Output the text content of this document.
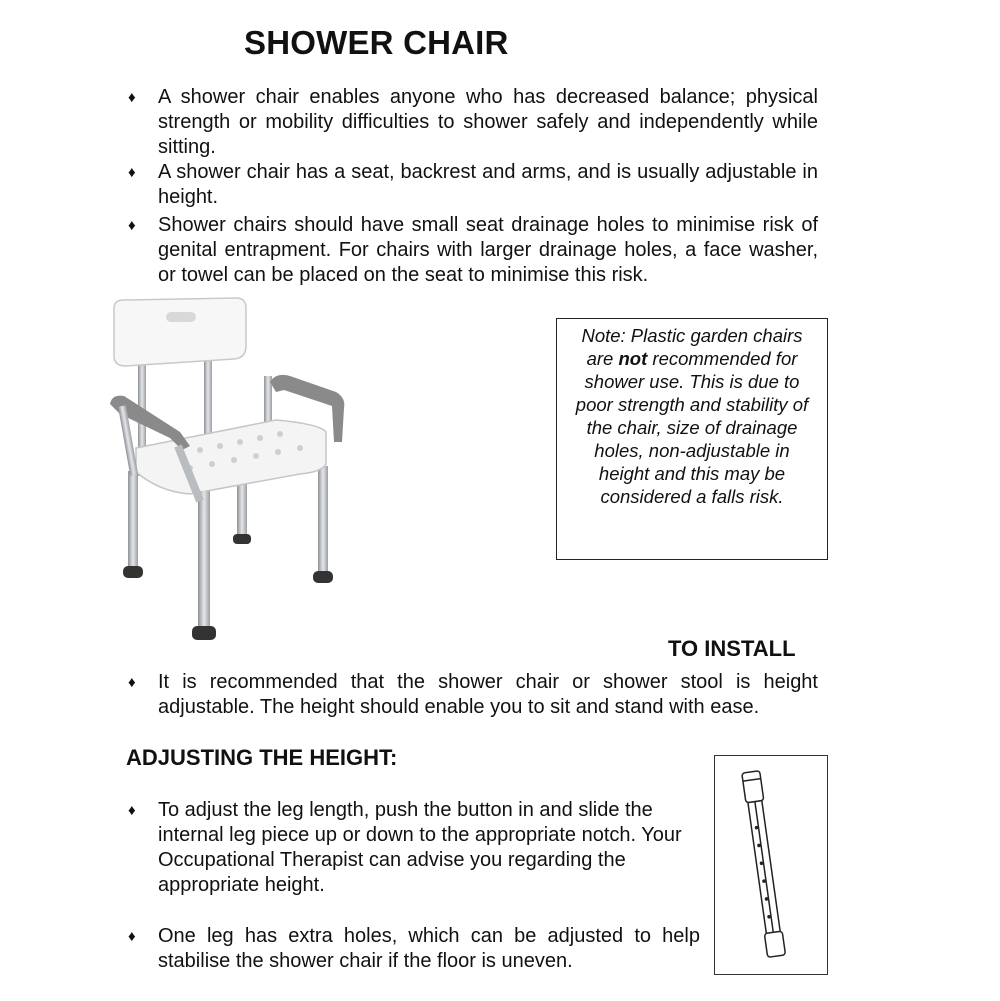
SHOWER CHAIR
♦	A shower chair enables anyone who has decreased balance; physical strength or mobility difficulties to shower safely and independently while sitting.
♦	A shower chair has a seat, backrest and arms, and is usually adjustable in height.
♦	Shower chairs should have small seat drainage holes to minimise risk of genital entrapment. For chairs with larger drainage holes, a face washer, or towel can be placed on the seat to minimise this risk.
Note: Plastic garden chairs are not recommended for shower use. This is due to poor strength and stability of the chair, size of drainage holes, non-adjustable in height and this may be considered a falls risk.
TO INSTALL
♦	It is recommended that the shower chair or shower stool is height adjustable. The height should enable you to sit and stand with ease.
ADJUSTING THE HEIGHT:
♦	To adjust the leg length, push the button in and slide the internal leg piece up or down to the appropriate notch. Your Occupational Therapist can advise you regarding the appropriate height.
♦	One leg has extra holes, which can be adjusted to help stabilise the shower chair if the floor is uneven.
